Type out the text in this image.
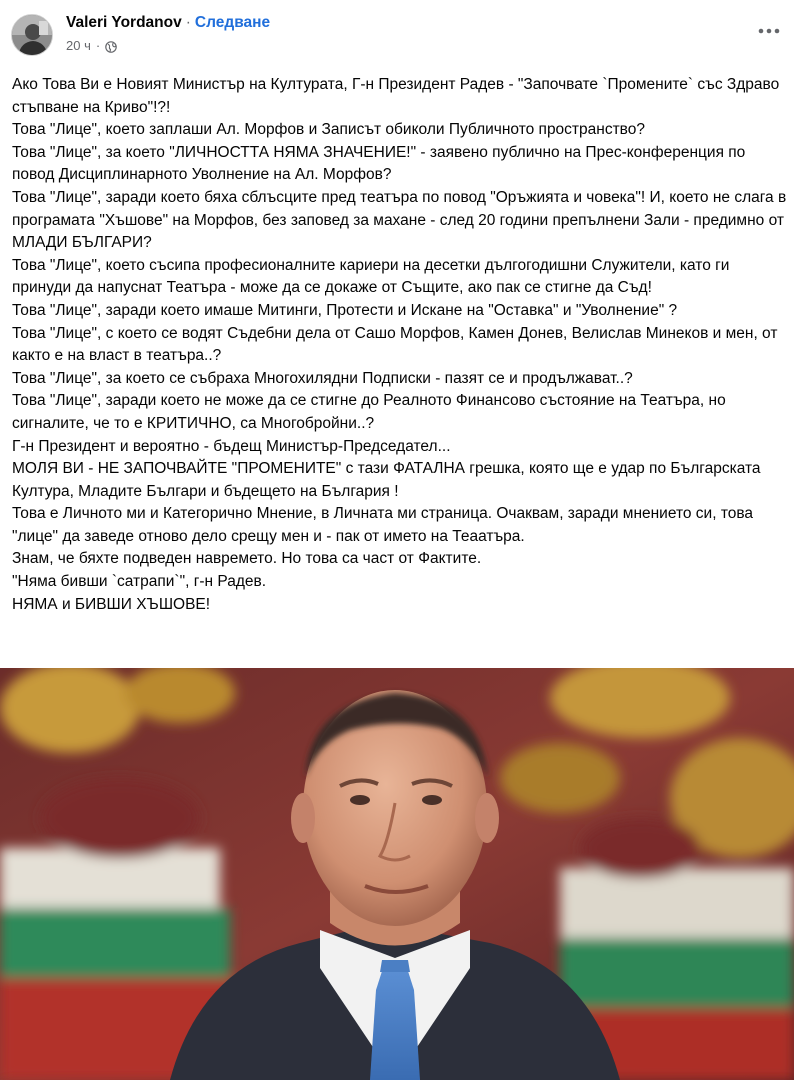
Valeri Yordanov · Следване
20 ч ·

Ако Това Ви е Новият Министър на Културата, Г-н Президент Радев - "Започвате `Промените` със Здраво стъпване на Криво"!?!

Това "Лице", което заплаши Ал. Морфов и Записът обиколи Публичното пространство?

Това "Лице", за което "ЛИЧНОСТТА НЯМА ЗНАЧЕНИЕ!" - заявено публично на Прес-конференция по повод Дисциплинарното Уволнение на Ал. Морфов?

Това "Лице", заради което бяха сблъсците пред театъра по повод "Оръжията и човека"! И, което не слага в програмата "Хъшове" на Морфов, без заповед за махане - след 20 години препълнени Зали - предимно от МЛАДИ БЪЛГАРИ?

Това "Лице", което съсипа професионалните кариери на десетки дългогодишни Служители, като ги принуди да напуснат Театъра - може да се докаже от Същите, ако пак се стигне да Съд!

Това "Лице", заради което имаше Митинги, Протести и Искане на "Оставка" и "Уволнение" ?

Това "Лице", с което се водят Съдебни дела от Сашо Морфов, Камен Донев, Велислав Минеков и мен, от както е на власт в театъра..?

Това "Лице", за което се събраха Многохилядни Подписки - пазят се и продължават..?

Това "Лице", заради което не може да се стигне до Реалното Финансово състояние на Театъра, но сигналите, че то е КРИТИЧНО, са Многобройни..?

Г-н Президент и вероятно - бъдещ Министър-Председател...

МОЛЯ ВИ - НЕ ЗАПОЧВАЙТЕ "ПРОМЕНИТЕ" с тази ФАТАЛНА грешка, която ще е удар по Българската Култура, Младите Българи и бъдещето на България !

Това е Личното ми и Категорично Мнение, в Личната ми страница. Очаквам, заради мнението си, това "лице" да заведе отново дело срещу мен и - пак от името на Теаатъра.

Знам, че бяхте подведен навремето. Но това са част от Фактите.

"Няма бивши `сатрапи`", г-н Радев.

НЯМА и БИВШИ ХЪШОВЕ!
